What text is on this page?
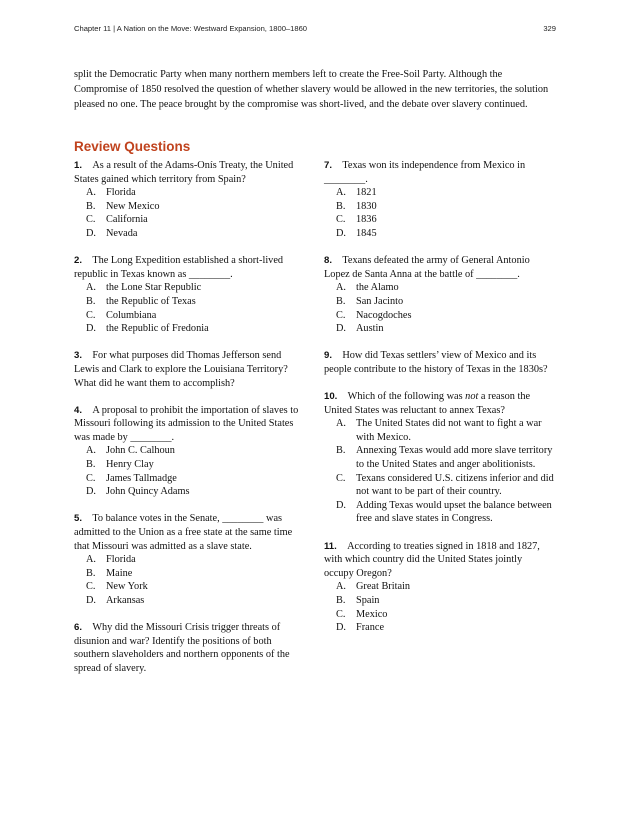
Chapter 11 | A Nation on the Move: Westward Expansion, 1800–1860	329

split the Democratic Party when many northern members left to create the Free-Soil Party. Although the Compromise of 1850 resolved the question of whether slavery would be allowed in the new territories, the solution pleased no one. The peace brought by the compromise was short-lived, and the debate over slavery continued.

Review Questions

1.  As a result of the Adams-Onís Treaty, the United States gained which territory from Spain?

A. Florida
B.	New Mexico
C.	California
D. Nevada

2.  The Long Expedition established a short-lived republic in Texas known as ________.

A. the Lone Star Republic
B.	the Republic of Texas
C.	Columbiana
D. the Republic of Fredonia

3.  For what purposes did Thomas Jefferson send Lewis and Clark to explore the Louisiana Territory? What did he want them to accomplish?

4.  A proposal to prohibit the importation of slaves to Missouri following its admission to the United States was made by ________.

A. John C. Calhoun
B.	Henry Clay
C.	James Tallmadge
D. John Quincy Adams

5.  To balance votes in the Senate, ________ was admitted to the Union as a free state at the same time that Missouri was admitted as a slave state.

A. Florida
B.	Maine
C.	New York
D. Arkansas

6.  Why did the Missouri Crisis trigger threats of disunion and war? Identify the positions of both southern slaveholders and northern opponents of the spread of slavery.

7.  Texas won its independence from Mexico in ________.

A. 1821
B.	1830
C.	1836
D. 1845

8.  Texans defeated the army of General Antonio Lopez de Santa Anna at the battle of ________.

A. the Alamo
B.	San Jacinto
C.	Nacogdoches
D. Austin

9.  How did Texas settlers’ view of Mexico and its people contribute to the history of Texas in the 1830s?

10.  Which of the following was not a reason the United States was reluctant to annex Texas?

A. The United States did not want to fight a war with Mexico.
B.	Annexing Texas would add more slave territory to the United States and anger abolitionists.
C.	Texans considered U.S. citizens inferior and did not want to be part of their country.
D. Adding Texas would upset the balance between free and slave states in Congress.

11.  According to treaties signed in 1818 and 1827, with which country did the United States jointly occupy Oregon?

A. Great Britain
B.	Spain
C.	Mexico
D. France
